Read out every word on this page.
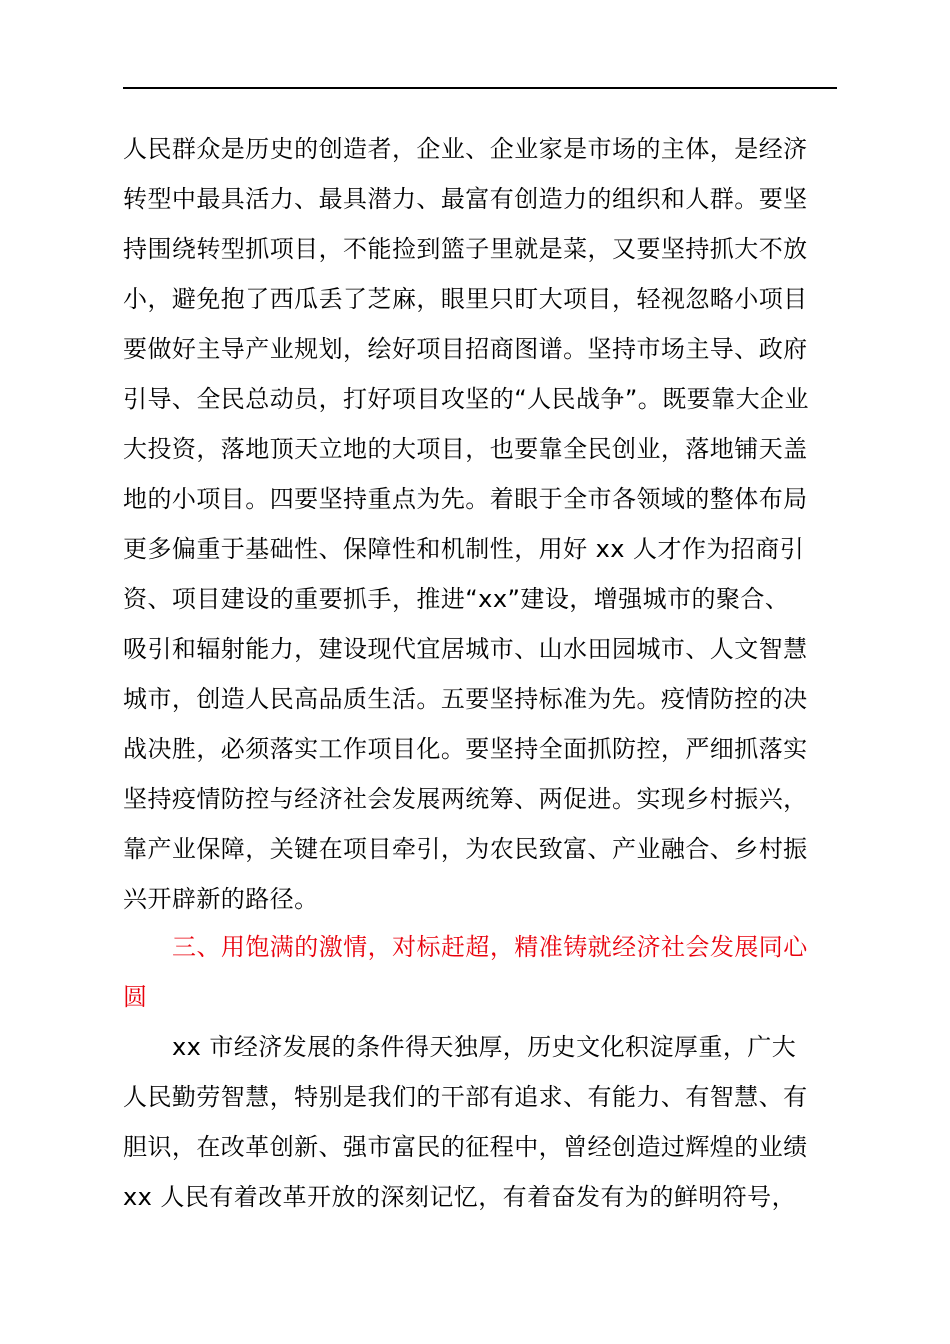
人民群众是历史的创造者，企业、企业家是市场的主体，是经济
转型中最具活力、最具潜力、最富有创造力的组织和人群。要坚
持围绕转型抓项目，不能捡到篮子里就是菜，又要坚持抓大不放
小，避免抱了西瓜丢了芝麻，眼里只盯大项目，轻视忽略小项目
要做好主导产业规划，绘好项目招商图谱。坚持市场主导、政府
引导、全民总动员，打好项目攻坚的“人民战争”。既要靠大企业
大投资，落地顶天立地的大项目，也要靠全民创业，落地铺天盖
地的小项目。四要坚持重点为先。着眼于全市各领域的整体布局
更多偏重于基础性、保障性和机制性，用好 xx 人才作为招商引
资、项目建设的重要抓手，推进“xx”建设，增强城市的聚合、
吸引和辐射能力，建设现代宜居城市、山水田园城市、人文智慧
城市，创造人民高品质生活。五要坚持标准为先。疫情防控的决
战决胜，必须落实工作项目化。要坚持全面抓防控，严细抓落实
坚持疫情防控与经济社会发展两统筹、两促进。实现乡村振兴，
靠产业保障，关键在项目牵引，为农民致富、产业融合、乡村振
兴开辟新的路径。
三、用饱满的激情，对标赶超，精准铸就经济社会发展同心
圆
xx 市经济发展的条件得天独厚，历史文化积淀厚重，广大
人民勤劳智慧，特别是我们的干部有追求、有能力、有智慧、有
胆识，在改革创新、强市富民的征程中，曾经创造过辉煌的业绩
xx 人民有着改革开放的深刻记忆，有着奋发有为的鲜明符号，
